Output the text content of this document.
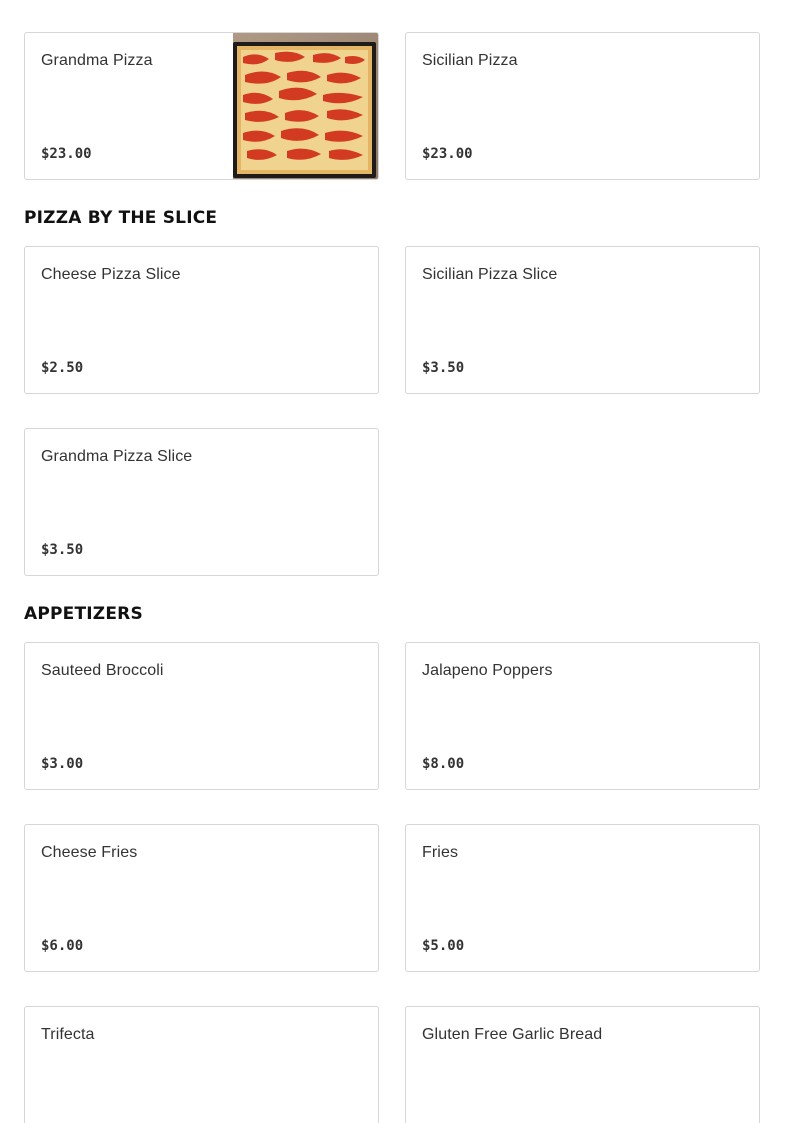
Grandma Pizza
$23.00
Sicilian Pizza
$23.00
PIZZA BY THE SLICE
Cheese Pizza Slice
$2.50
Sicilian Pizza Slice
$3.50
Grandma Pizza Slice
$3.50
APPETIZERS
Sauteed Broccoli
$3.00
Jalapeno Poppers
$8.00
Cheese Fries
$6.00
Fries
$5.00
Trifecta	Gluten Free Garlic Bread
